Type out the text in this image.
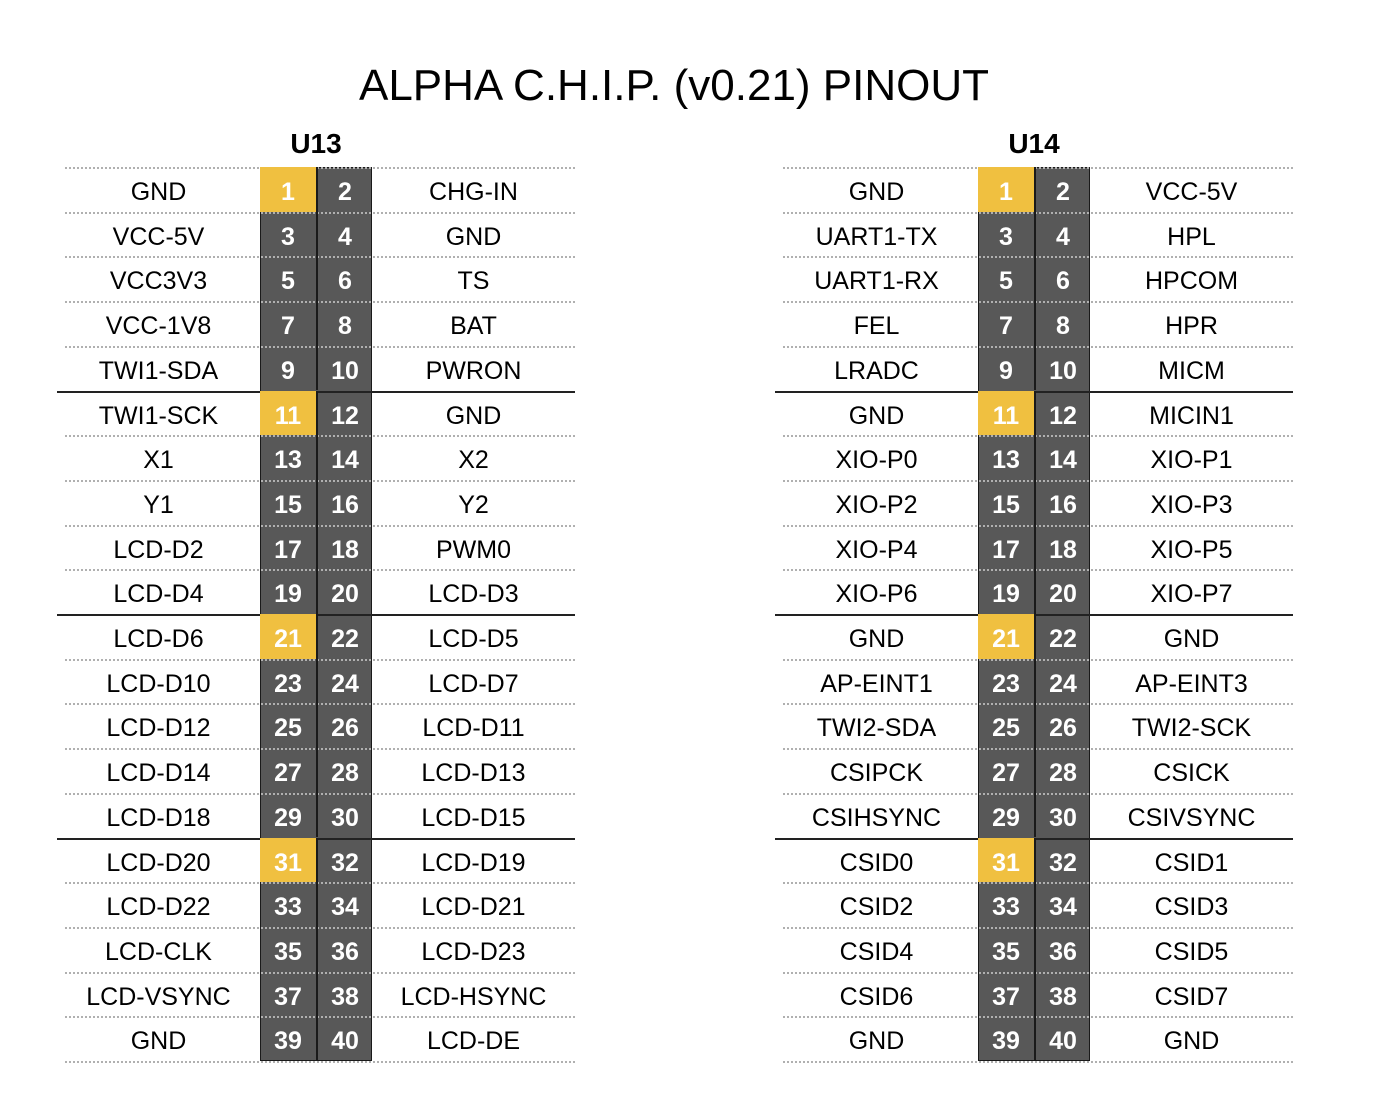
ALPHA C.H.I.P. (v0.21) PINOUT
U13	U14
GND	1	2	CHG-IN
VCC-5V	3	4	GND
VCC3V3	5	6	TS
VCC-1V8	7	8	BAT
TWI1-SDA	9	10	PWRON
TWI1-SCK	11	12	GND
X1	13	14	X2
Y1	15	16	Y2
LCD-D2	17	18	PWM0
LCD-D4	19	20	LCD-D3
LCD-D6	21	22	LCD-D5
LCD-D10	23	24	LCD-D7
LCD-D12	25	26	LCD-D11
LCD-D14	27	28	LCD-D13
LCD-D18	29	30	LCD-D15
LCD-D20	31	32	LCD-D19
LCD-D22	33	34	LCD-D21
LCD-CLK	35	36	LCD-D23
LCD-VSYNC	37	38	LCD-HSYNC
GND	39	40	LCD-DE
GND	1	2	VCC-5V
UART1-TX	3	4	HPL
UART1-RX	5	6	HPCOM
FEL	7	8	HPR
LRADC	9	10	MICM
GND	11	12	MICIN1
XIO-P0	13	14	XIO-P1
XIO-P2	15	16	XIO-P3
XIO-P4	17	18	XIO-P5
XIO-P6	19	20	XIO-P7
GND	21	22	GND
AP-EINT1	23	24	AP-EINT3
TWI2-SDA	25	26	TWI2-SCK
CSIPCK	27	28	CSICK
CSIHSYNC	29	30	CSIVSYNC
CSID0	31	32	CSID1
CSID2	33	34	CSID3
CSID4	35	36	CSID5
CSID6	37	38	CSID7
GND	39	40	GND
